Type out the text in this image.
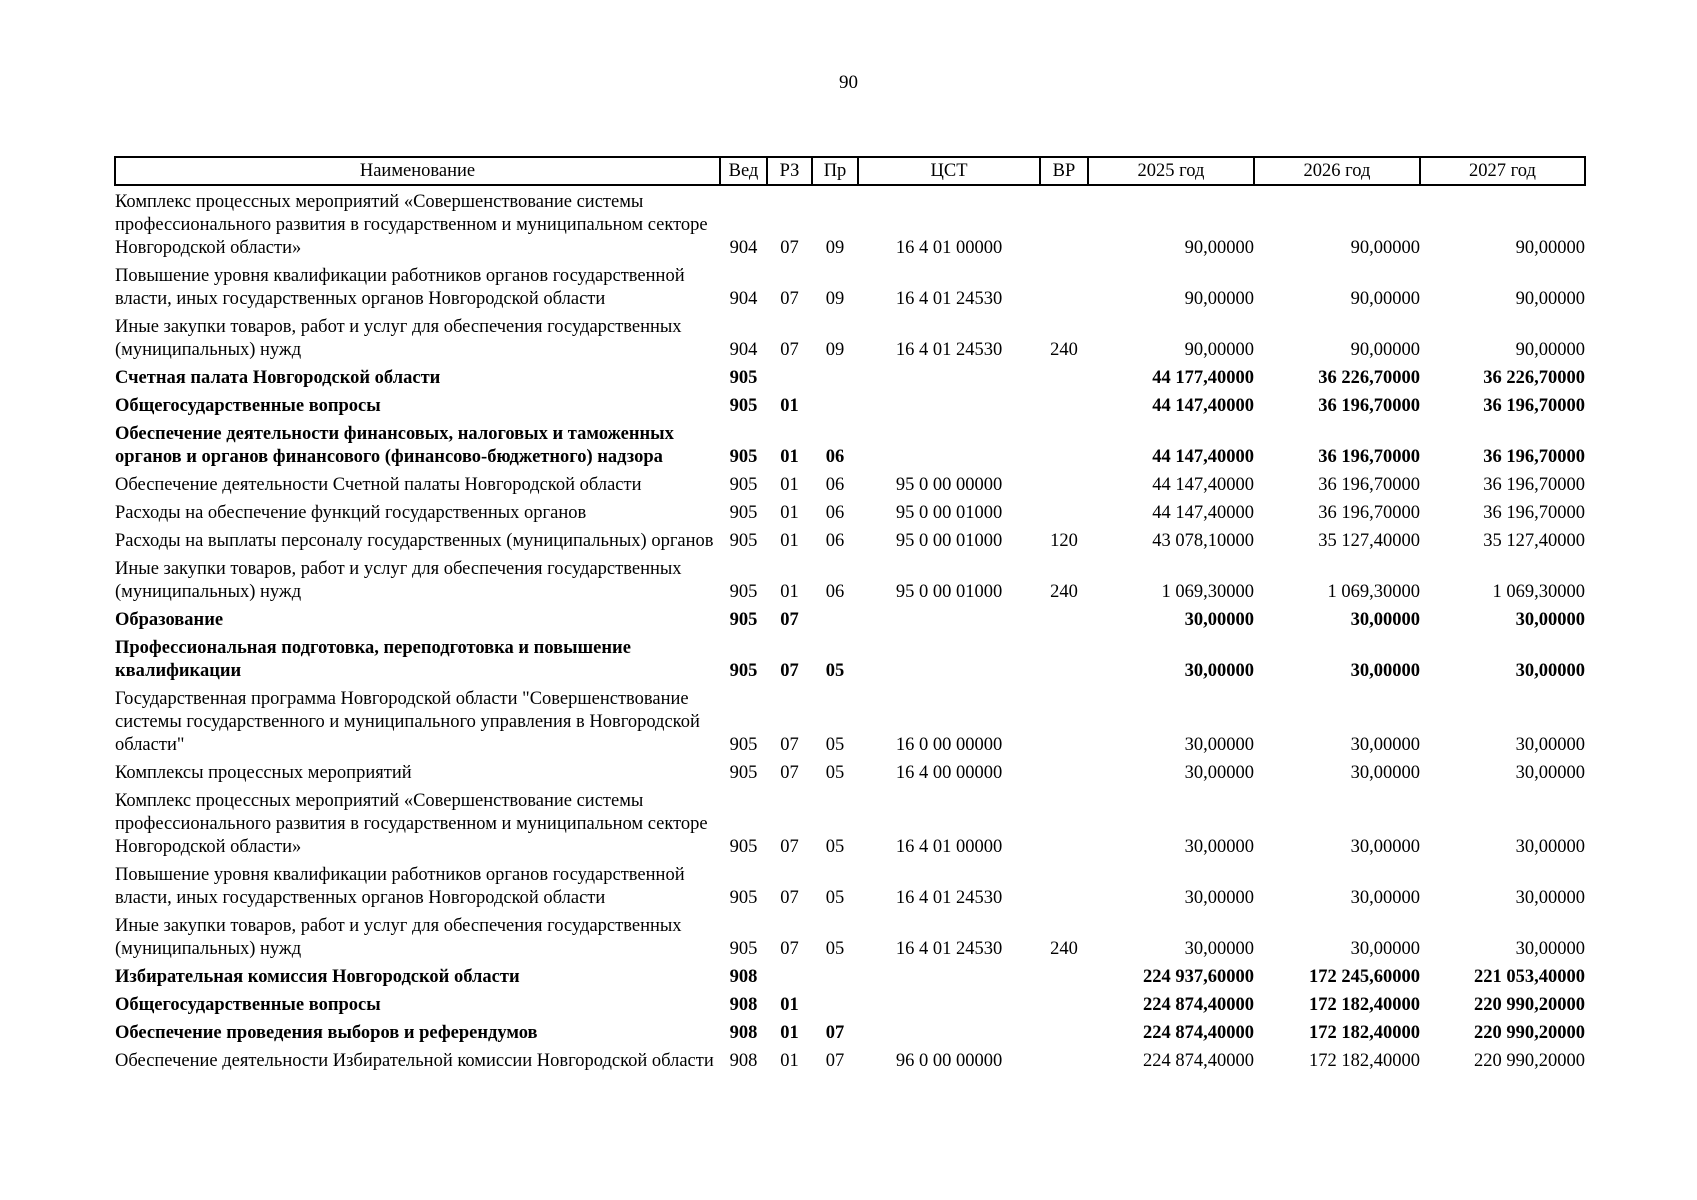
90
Наименование	Вед	РЗ	Пр	ЦСТ	ВР	2025 год	2026 год	2027 год
Комплекс процессных мероприятий «Совершенствование системы профессионального развития в государственном и муниципальном секторе Новгородской области»	904	07	09	16 4 01 00000		90,00000	90,00000	90,00000
Повышение уровня квалификации работников органов государственной власти, иных государственных органов Новгородской области	904	07	09	16 4 01 24530		90,00000	90,00000	90,00000
Иные закупки товаров, работ и услуг для обеспечения государственных (муниципальных) нужд	904	07	09	16 4 01 24530	240	90,00000	90,00000	90,00000
Счетная палата Новгородской области	905					44 177,40000	36 226,70000	36 226,70000
Общегосударственные вопросы	905	01				44 147,40000	36 196,70000	36 196,70000
Обеспечение деятельности финансовых, налоговых и таможенных органов и органов финансового (финансово-бюджетного) надзора	905	01	06			44 147,40000	36 196,70000	36 196,70000
Обеспечение деятельности Счетной палаты Новгородской области	905	01	06	95 0 00 00000		44 147,40000	36 196,70000	36 196,70000
Расходы на обеспечение функций государственных органов	905	01	06	95 0 00 01000		44 147,40000	36 196,70000	36 196,70000
Расходы на выплаты персоналу государственных (муниципальных) органов	905	01	06	95 0 00 01000	120	43 078,10000	35 127,40000	35 127,40000
Иные закупки товаров, работ и услуг для обеспечения государственных (муниципальных) нужд	905	01	06	95 0 00 01000	240	1 069,30000	1 069,30000	1 069,30000
Образование	905	07				30,00000	30,00000	30,00000
Профессиональная подготовка, переподготовка и повышение квалификации	905	07	05			30,00000	30,00000	30,00000
Государственная программа Новгородской области "Совершенствование системы государственного и муниципального управления в Новгородской области"	905	07	05	16 0 00 00000		30,00000	30,00000	30,00000
Комплексы процессных мероприятий	905	07	05	16 4 00 00000		30,00000	30,00000	30,00000
Комплекс процессных мероприятий «Совершенствование системы профессионального развития в государственном и муниципальном секторе Новгородской области»	905	07	05	16 4 01 00000		30,00000	30,00000	30,00000
Повышение уровня квалификации работников органов государственной власти, иных государственных органов Новгородской области	905	07	05	16 4 01 24530		30,00000	30,00000	30,00000
Иные закупки товаров, работ и услуг для обеспечения государственных (муниципальных) нужд	905	07	05	16 4 01 24530	240	30,00000	30,00000	30,00000
Избирательная комиссия Новгородской области	908					224 937,60000	172 245,60000	221 053,40000
Общегосударственные вопросы	908	01				224 874,40000	172 182,40000	220 990,20000
Обеспечение проведения выборов и референдумов	908	01	07			224 874,40000	172 182,40000	220 990,20000
Обеспечение деятельности Избирательной комиссии Новгородской области	908	01	07	96 0 00 00000		224 874,40000	172 182,40000	220 990,20000
